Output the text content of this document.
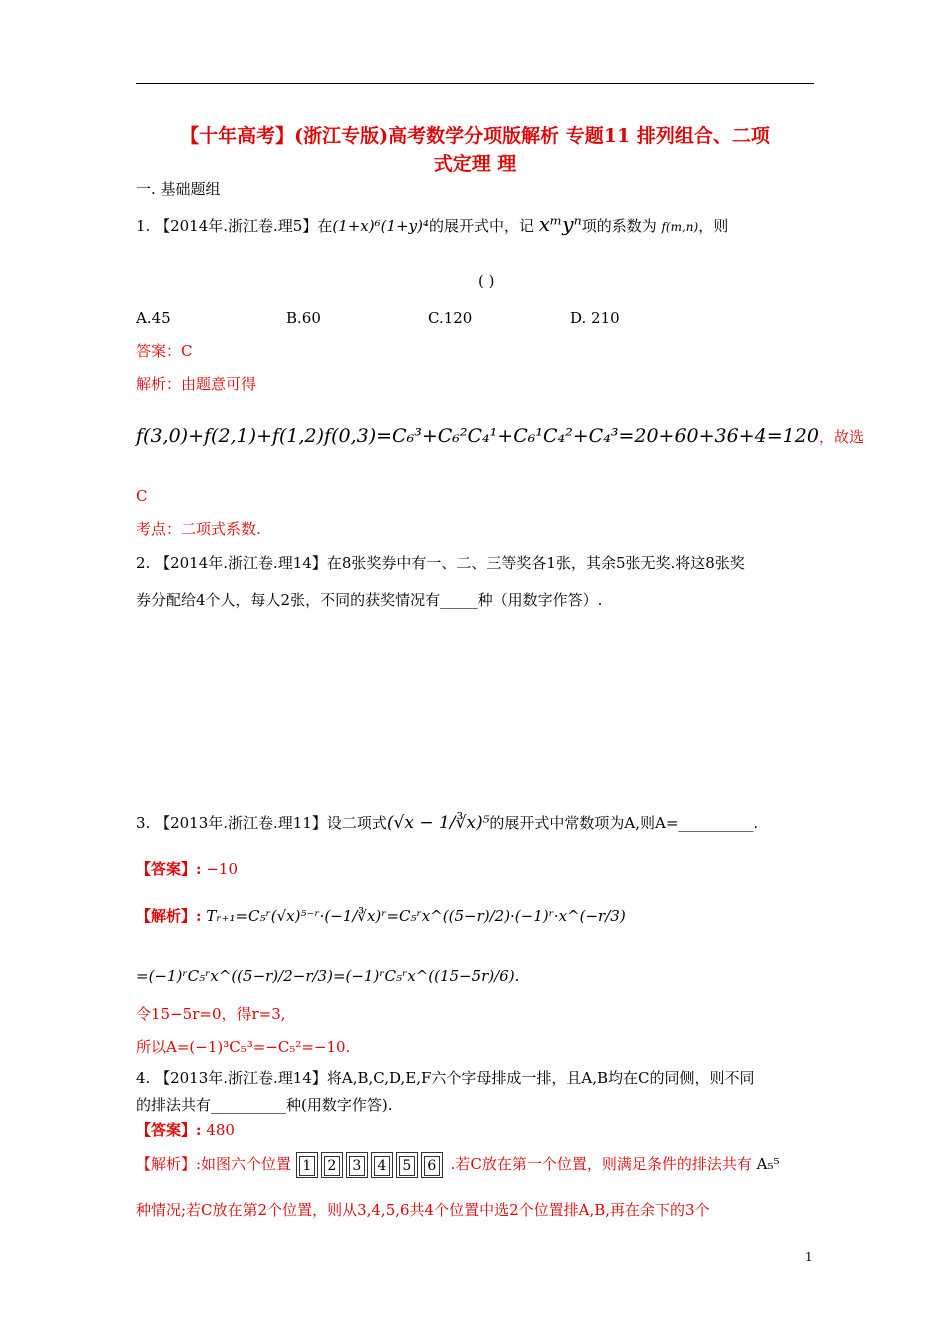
【十年高考】(浙江专版)高考数学分项版解析 专题11 排列组合、二项
式定理 理
一. 基础题组
1. 【2014年.浙江卷.理5】在(1+x)⁶(1+y)⁴的展开式中，记 xᵐyⁿ项的系数为 f(m,n)，则
( )
A.45	B.60	C.120	D. 210
答案：C
解析：由题意可得
f(3,0)+f(2,1)+f(1,2)f(0,3)=C₆³+C₆²C₄¹+C₆¹C₄²+C₄³=20+60+36+4=120，故选
C
考点：二项式系数.
2. 【2014年.浙江卷.理14】在8张奖券中有一、二、三等奖各1张，其余5张无奖.将这8张奖
券分配给4个人，每人2张，不同的获奖情况有_____种（用数字作答）.
3. 【2013年.浙江卷.理11】设二项式(√x − 1/∛x)⁵的展开式中常数项为A,则A=__________.
【答案】: −10
【解析】: Tᵣ₊₁=C₅ʳ(√x)⁵⁻ʳ·(−1/∛x)ʳ=C₅ʳx^((5−r)/2)·(−1)ʳ·x^(−r/3)
=(−1)ʳC₅ʳx^((5−r)/2−r/3)=(−1)ʳC₅ʳx^((15−5r)/6).
令15−5r=0，得r=3,
所以A=(−1)³C₅³=−C₅²=−10.
4. 【2013年.浙江卷.理14】将A,B,C,D,E,F六个字母排成一排，且A,B均在C的同侧，则不同
的排法共有__________种(用数字作答).
【答案】: 480
【解析】:如图六个位置 1 2 3 4 5 6 .若C放在第一个位置，则满足条件的排法共有 A₅⁵
种情况;若C放在第2个位置，则从3,4,5,6共4个位置中选2个位置排A,B,再在余下的3个
1
